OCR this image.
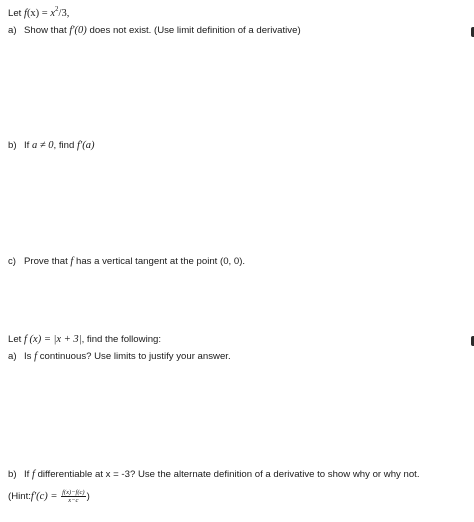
Let $f(x) = x^2/3$,
a) Show that f′(0) does not exist. (Use limit definition of a derivative)
b) If a ≠ 0, find f′(a)
c) Prove that f has a vertical tangent at the point (0, 0).
Let f (x) = |x + 3|, find the following:
a) Is f continuous? Use limits to justify your answer.
b) If f differentiable at x = -3? Use the alternate definition of a derivative to show why or why not.
(Hint:f′(c) = $\frac{f(x)-f(c)}{x-c}$ )
